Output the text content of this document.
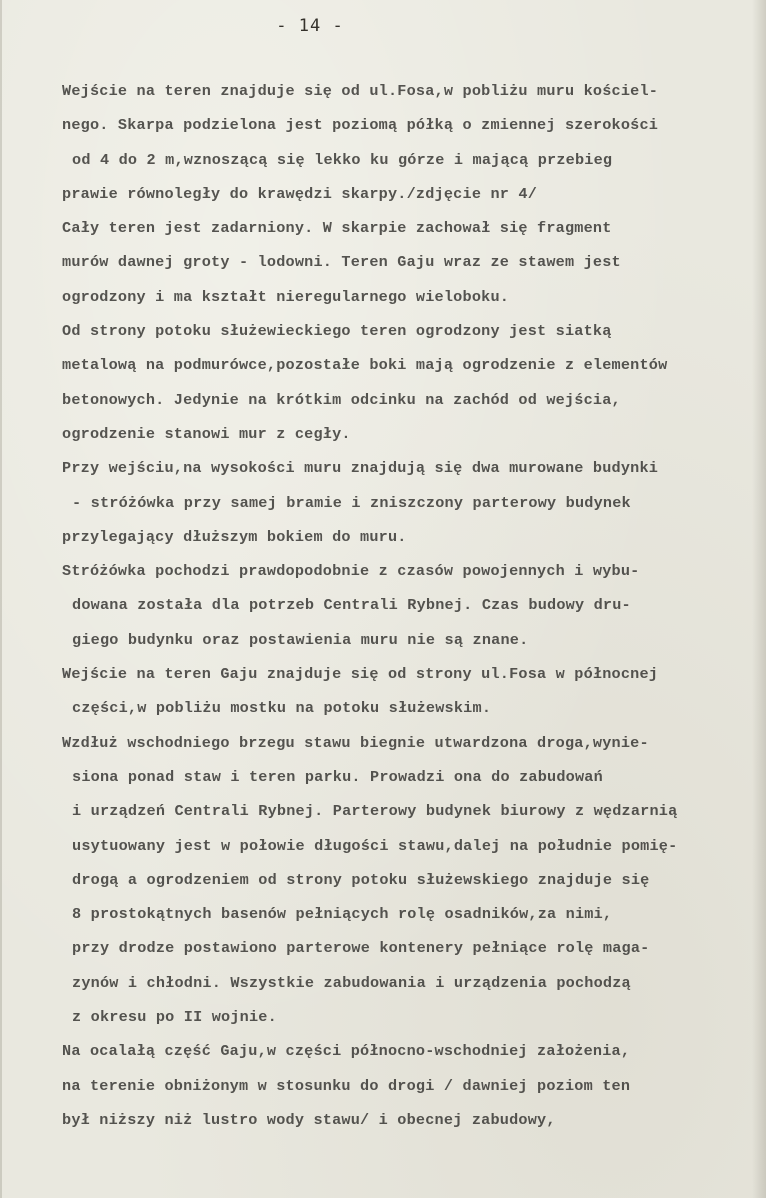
- 14 -
Wejście na teren znajduje się od ul.Fosa,w pobliżu muru kościel-
nego. Skarpa podzielona jest poziomą półką o zmiennej szerokości
od 4 do 2 m,wznoszącą się lekko ku górze i mającą przebieg
prawie równoległy do krawędzi skarpy./zdjęcie nr 4/
Cały teren jest zadarniony. W skarpie zachował się fragment
murów dawnej groty - lodowni. Teren Gaju wraz ze stawem jest
ogrodzony i ma kształt nieregularnego wieloboku.
Od strony potoku służewieckiego teren ogrodzony jest siatką
metalową na podmurówce,pozostałe boki mają ogrodzenie z elementów
betonowych. Jedynie na krótkim odcinku na zachód od wejścia,
ogrodzenie stanowi mur z cegły.
Przy wejściu,na wysokości muru znajdują się dwa murowane budynki
- stróżówka przy samej bramie i zniszczony parterowy budynek
przylegający dłuższym bokiem do muru.
Stróżówka pochodzi prawdopodobnie z czasów powojennych i wybu-
dowana została dla potrzeb Centrali Rybnej. Czas budowy dru-
giego budynku oraz postawienia muru nie są znane.
Wejście na teren Gaju znajduje się od strony ul.Fosa w północnej
części,w pobliżu mostku na potoku służewskim.
Wzdłuż wschodniego brzegu stawu biegnie utwardzona droga,wynie-
siona ponad staw i teren parku. Prowadzi ona do zabudowań
i urządzeń Centrali Rybnej. Parterowy budynek biurowy z wędzarnią
usytuowany jest w połowie długości stawu,dalej na południe pomię-
drogą a ogrodzeniem od strony potoku służewskiego znajduje się
8 prostokątnych basenów pełniących rolę osadników,za nimi,
przy drodze postawiono parterowe kontenery pełniące rolę maga-
zynów i chłodni. Wszystkie zabudowania i urządzenia pochodzą
z okresu po II wojnie.
Na ocalałą część Gaju,w części północno-wschodniej założenia,
na terenie obniżonym w stosunku do drogi / dawniej poziom ten
był niższy niż lustro wody stawu/ i obecnej zabudowy,
